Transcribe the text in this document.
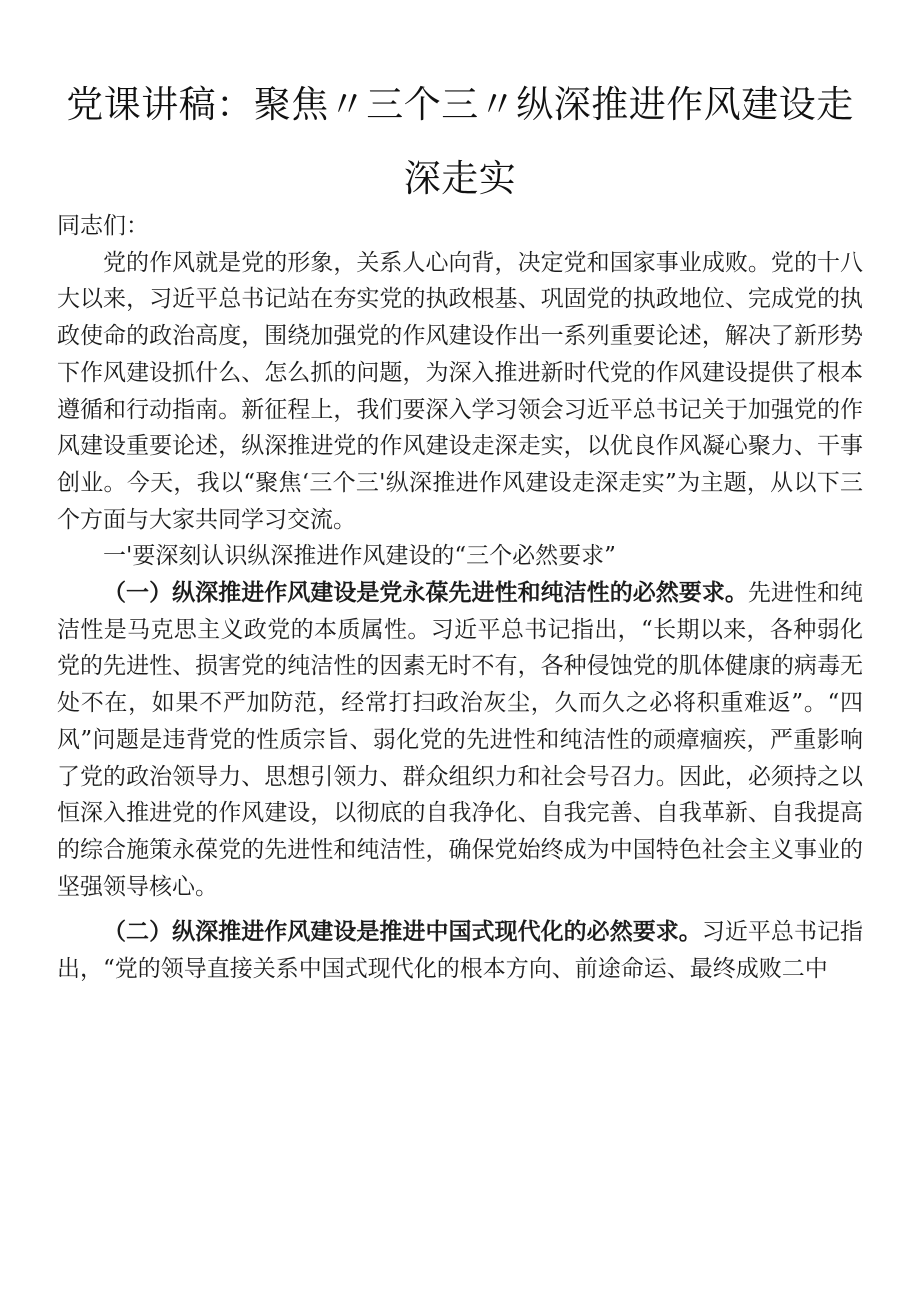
党课讲稿：聚焦〃三个三〃纵深推进作风建设走深走实

同志们：

党的作风就是党的形象，关系人心向背，决定党和国家事业成败。党的十八大以来，习近平总书记站在夯实党的执政根基、巩固党的执政地位、完成党的执政使命的政治高度，围绕加强党的作风建设作出一系列重要论述，解决了新形势下作风建设抓什么、怎么抓的问题，为深入推进新时代党的作风建设提供了根本遵循和行动指南。新征程上，我们要深入学习领会习近平总书记关于加强党的作风建设重要论述，纵深推进党的作风建设走深走实，以优良作风凝心聚力、干事创业。今天，我以“聚焦‘三个三'纵深推进作风建设走深走实”为主题，从以下三个方面与大家共同学习交流。

一'要深刻认识纵深推进作风建设的“三个必然要求”

（一）纵深推进作风建设是党永葆先进性和纯洁性的必然要求。先进性和纯洁性是马克思主义政党的本质属性。习近平总书记指出，“长期以来，各种弱化党的先进性、损害党的纯洁性的因素无时不有，各种侵蚀党的肌体健康的病毒无处不在，如果不严加防范，经常打扫政治灰尘，久而久之必将积重难返”。“四风”问题是违背党的性质宗旨、弱化党的先进性和纯洁性的顽瘴痼疾，严重影响了党的政治领导力、思想引领力、群众组织力和社会号召力。因此，必须持之以恒深入推进党的作风建设，以彻底的自我净化、自我完善、自我革新、自我提高的综合施策永葆党的先进性和纯洁性，确保党始终成为中国特色社会主义事业的坚强领导核心。

（二）纵深推进作风建设是推进中国式现代化的必然要求。习近平总书记指出，“党的领导直接关系中国式现代化的根本方向、前途命运、最终成败二中
